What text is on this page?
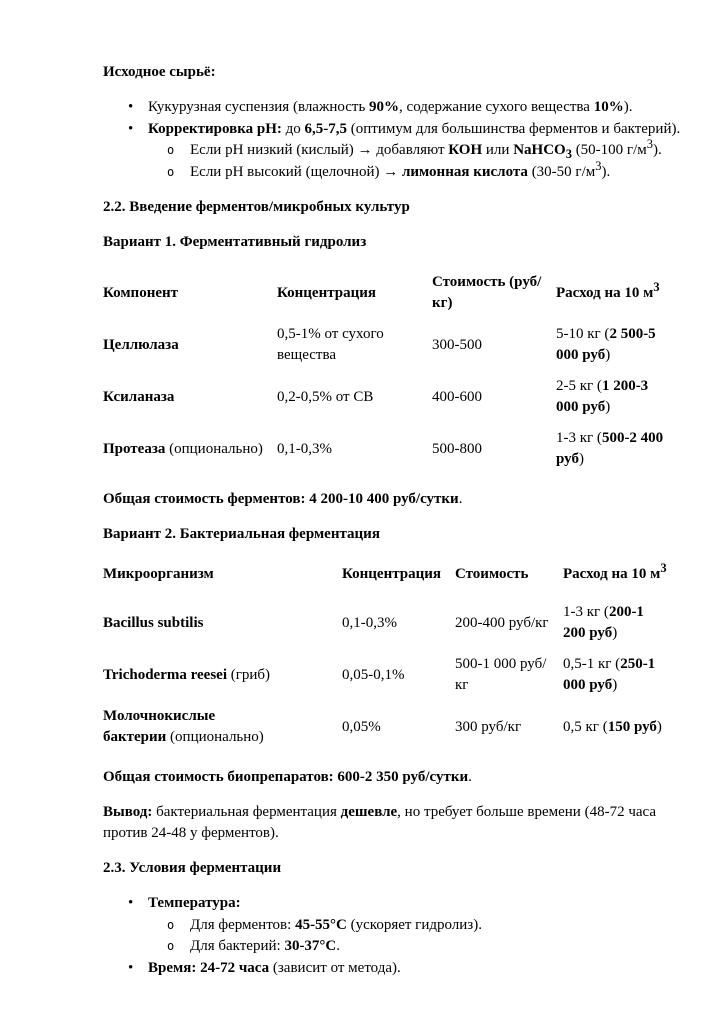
Исходное сырьё:

• Кукурузная суспензия (влажность 90%, содержание сухого вещества 10%).
• Корректировка pH: до 6,5-7,5 (оптимум для большинства ферментов и бактерий).
o	Если pH низкий (кислый) → добавляют КОН или NaHCO$_3$ (50-100 $г/м^3$).
o	Если pH высокий (щелочной) → лимонная кислота (30-50 $г/м^3$).

2.2. Введение ферментов/микробных культур

Вариант 1. Ферментативный гидролиз

Компонент	Концентрация	Стоимость (руб/кг)	Расход на 10 $м^3$
Целлюлаза	0,5-1% от сухого вещества	300-500	5-10 кг (2 500-5 000 руб)
Ксиланаза	0,2-0,5% от СВ	400-600	2-5 кг (1 200-3 000 руб)
Протеаза (опционально)	0,1-0,3%	500-800	1-3 кг (500-2 400 руб)

Общая стоимость ферментов: 4 200-10 400 руб/сутки.

Вариант 2. Бактериальная ферментация

Микроорганизм	Концентрация	Стоимость	Расход на 10 $м^3$
Bacillus subtilis	0,1-0,3%	200-400 руб/кг	1-3 кг (200-1 200 руб)
Trichoderma reesei (гриб)	0,05-0,1%	500-1 000 руб/кг	0,5-1 кг (250-1 000 руб)
Молочнокислые бактерии (опционально)	0,05%	300 руб/кг	0,5 кг (150 руб)

Общая стоимость биопрепаратов: 600-2 350 руб/сутки.

Вывод: бактериальная ферментация дешевле, но требует больше времени (48-72 часа против 24-48 у ферментов).

2.3. Условия ферментации

• Температура:
o	Для ферментов: 45-55°С (ускоряет гидролиз).
o	Для бактерий: 30-37°С.
• Время: 24-72 часа (зависит от метода).
